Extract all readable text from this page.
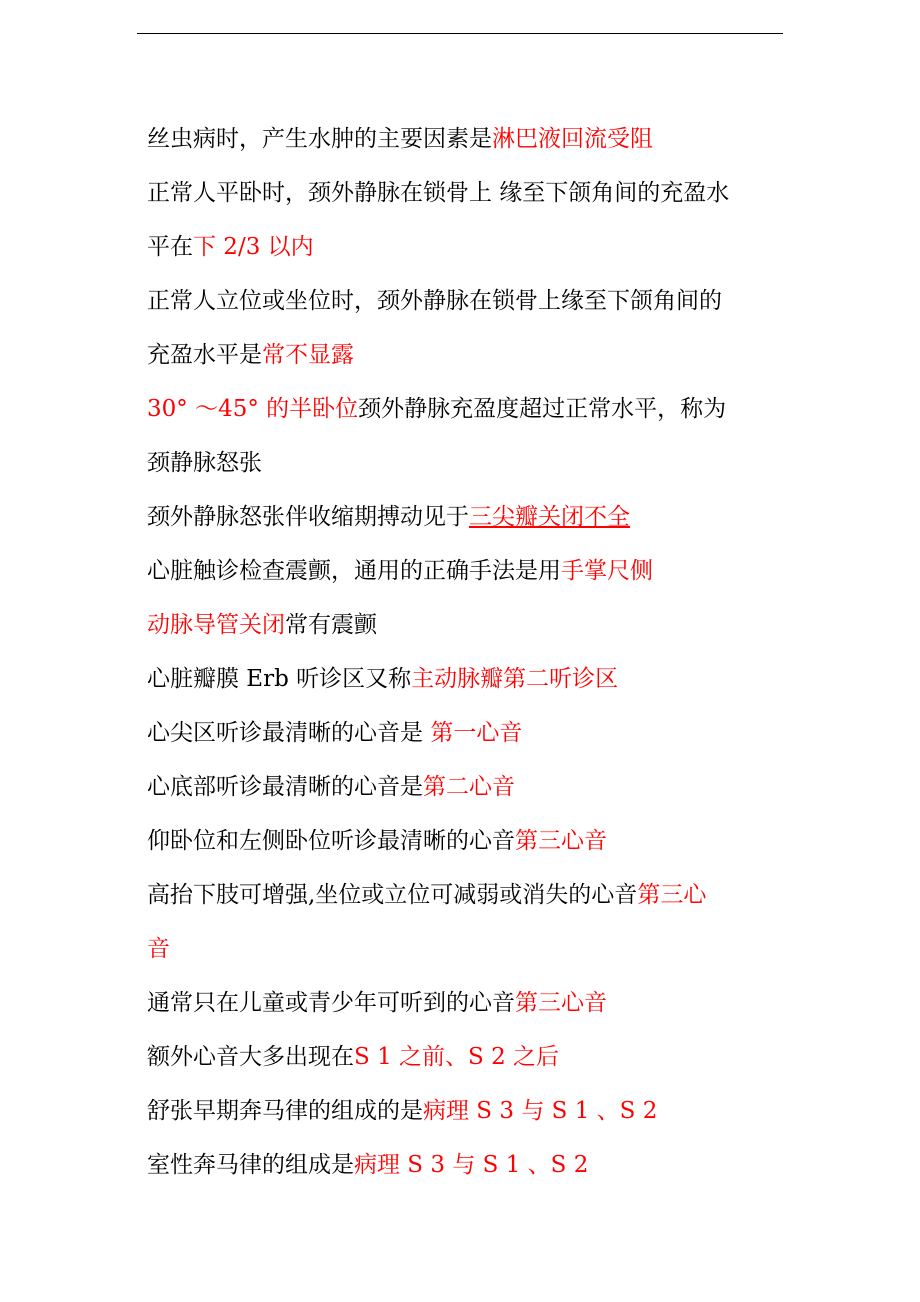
丝虫病时，产生水肿的主要因素是淋巴液回流受阻

正常人平卧时，颈外静脉在锁骨上 缘至下颌角间的充盈水

平在下 2/3 以内

正常人立位或坐位时，颈外静脉在锁骨上缘至下颌角间的

充盈水平是常不显露

30° ～45° 的半卧位颈外静脉充盈度超过正常水平，称为

颈静脉怒张

颈外静脉怒张伴收缩期搏动见于三尖瓣关闭不全

心脏触诊检查震颤，通用的正确手法是用手掌尺侧

动脉导管关闭常有震颤

心脏瓣膜 Erb 听诊区又称主动脉瓣第二听诊区

心尖区听诊最清晰的心音是 第一心音

心底部听诊最清晰的心音是第二心音

仰卧位和左侧卧位听诊最清晰的心音第三心音

高抬下肢可增强,坐位或立位可减弱或消失的心音第三心

音

通常只在儿童或青少年可听到的心音第三心音

额外心音大多出现在S 1 之前、S 2 之后

舒张早期奔马律的组成的是病理 S 3 与 S 1 、S 2

室性奔马律的组成是病理 S 3 与 S 1 、S 2
